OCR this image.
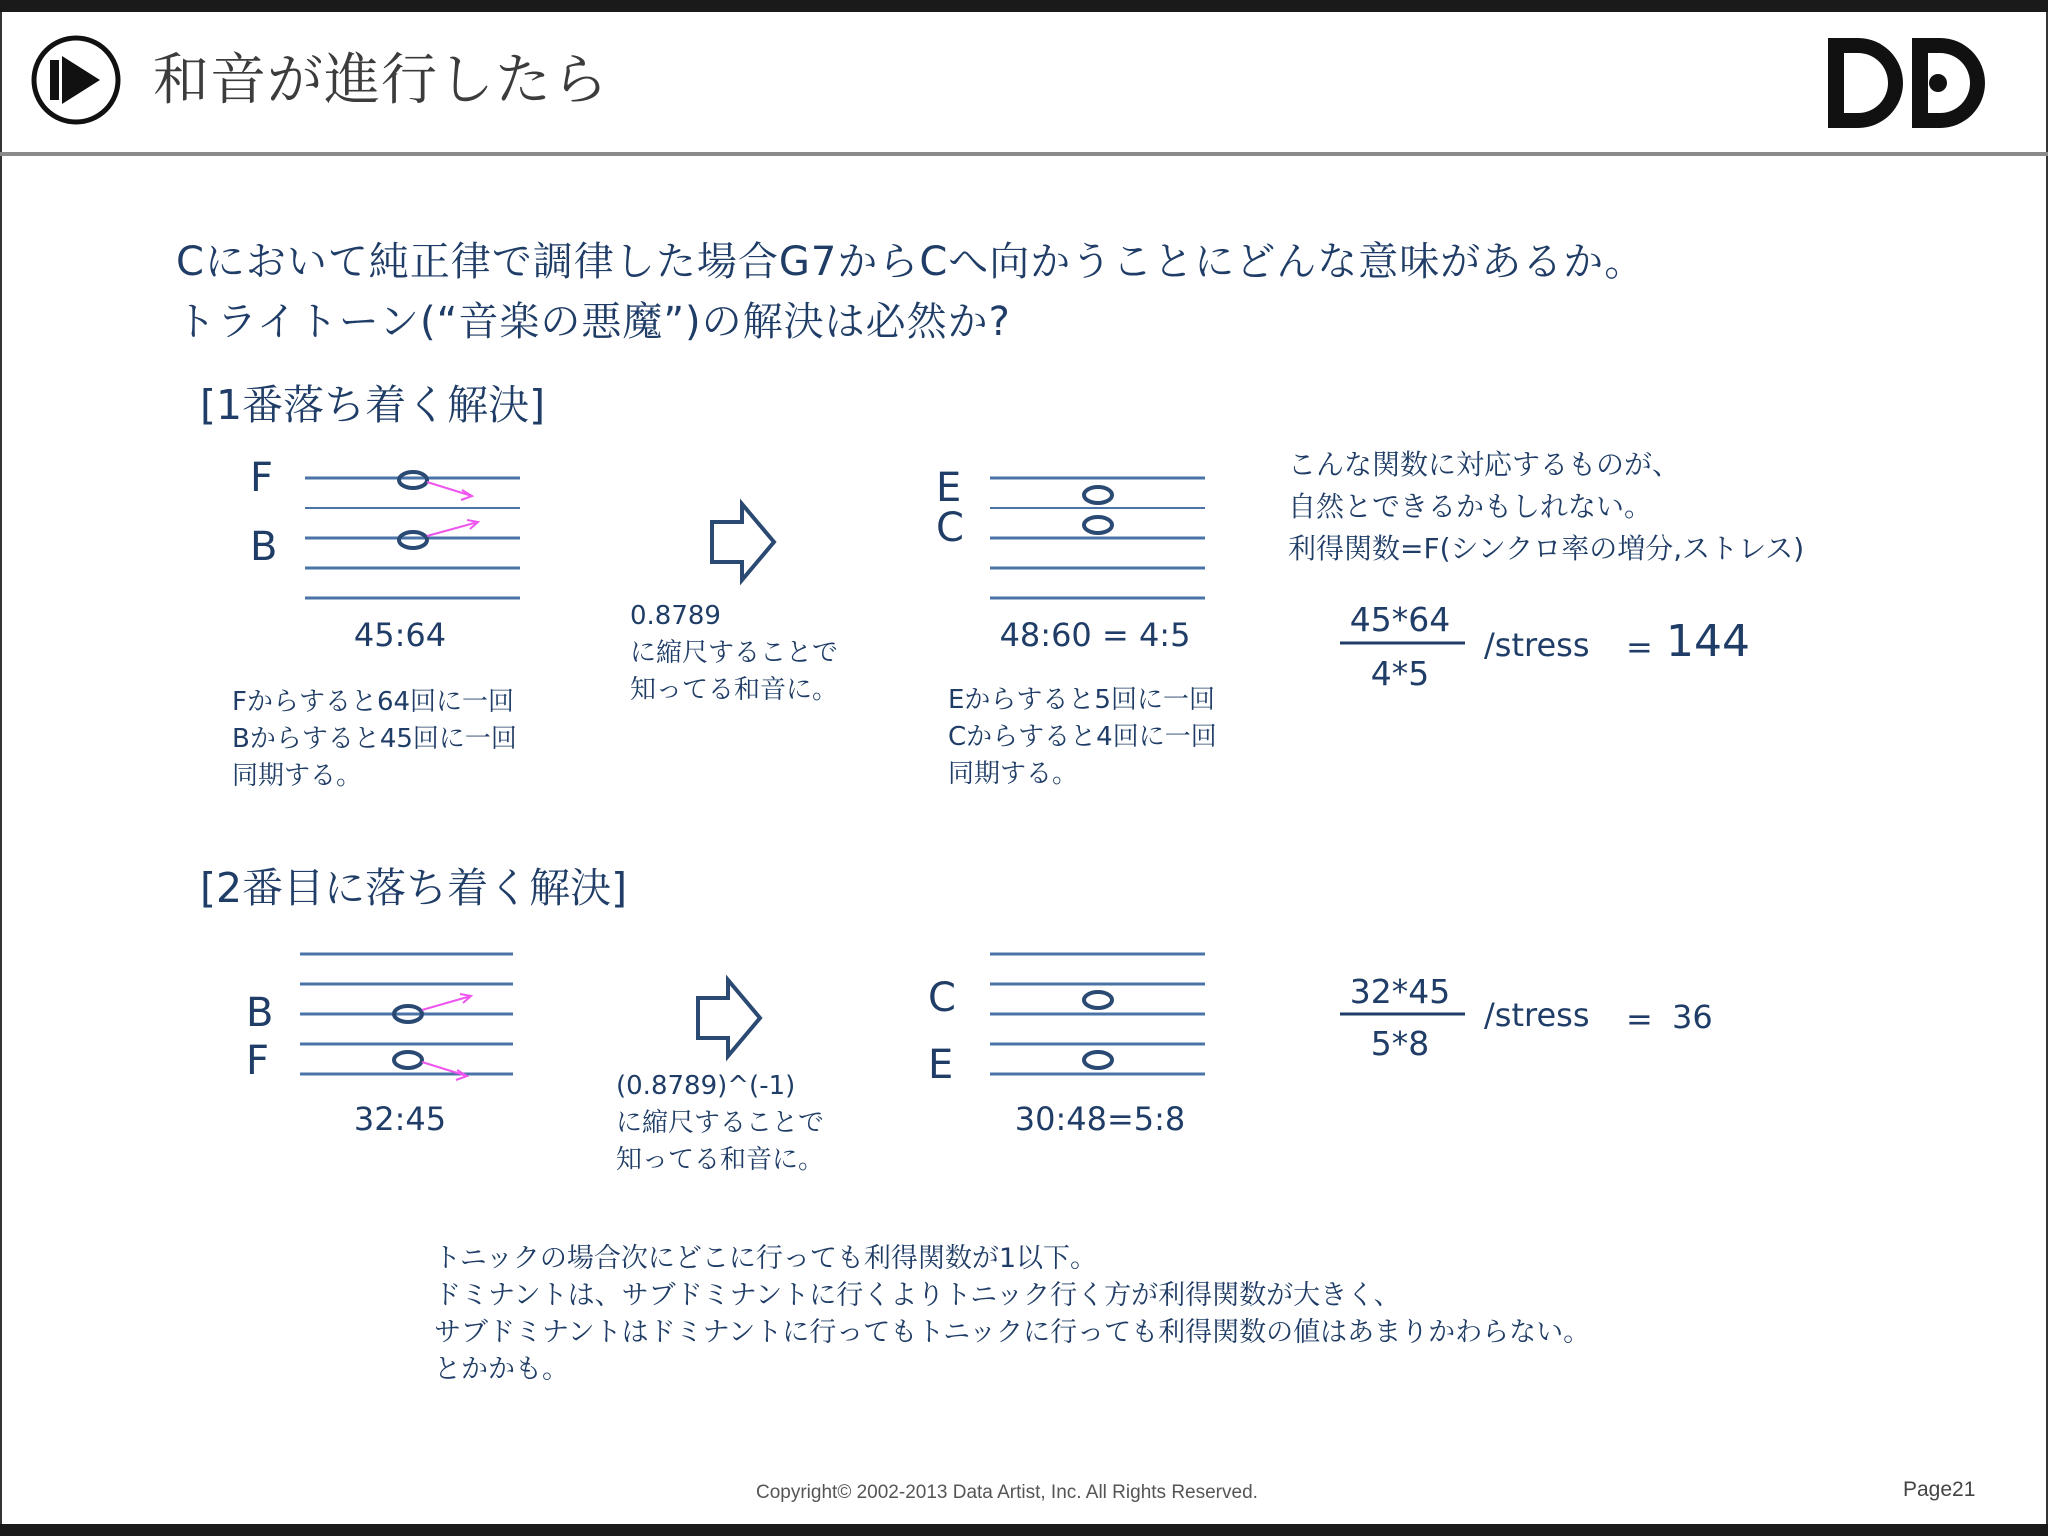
和音が進行したら
Cにおいて純正律で調律した場合G7からCへ向かうことにどんな意味があるか。
トライトーン(“音楽の悪魔”)の解決は必然か?
[1番落ち着く解決]
F
B
45:64	0.8789
に縮尺することで
知ってる和音に。
E
C
48:60 = 4:5
Fからすると64回に一回
Bからすると45回に一回
同期する。
Eからすると5回に一回
Cからすると4回に一回
同期する。
こんな関数に対応するものが、
自然とできるかもしれない。
利得関数=F(シンクロ率の増分,ストレス)
45*64
4*5
/stress = 144
[2番目に落ち着く解決]
B
F
32:45
(0.8789)^(-1)
に縮尺することで
知ってる和音に。
C
E
30:48=5:8
32*45
5*8
/stress = 36
トニックの場合次にどこに行っても利得関数が1以下。
ドミナントは、サブドミナントに行くよりトニック行く方が利得関数が大きく、
サブドミナントはドミナントに行ってもトニックに行っても利得関数の値はあまりかわらない。
とかかも。
Copyright© 2002-2013 Data Artist, Inc. All Rights Reserved.	Page21
